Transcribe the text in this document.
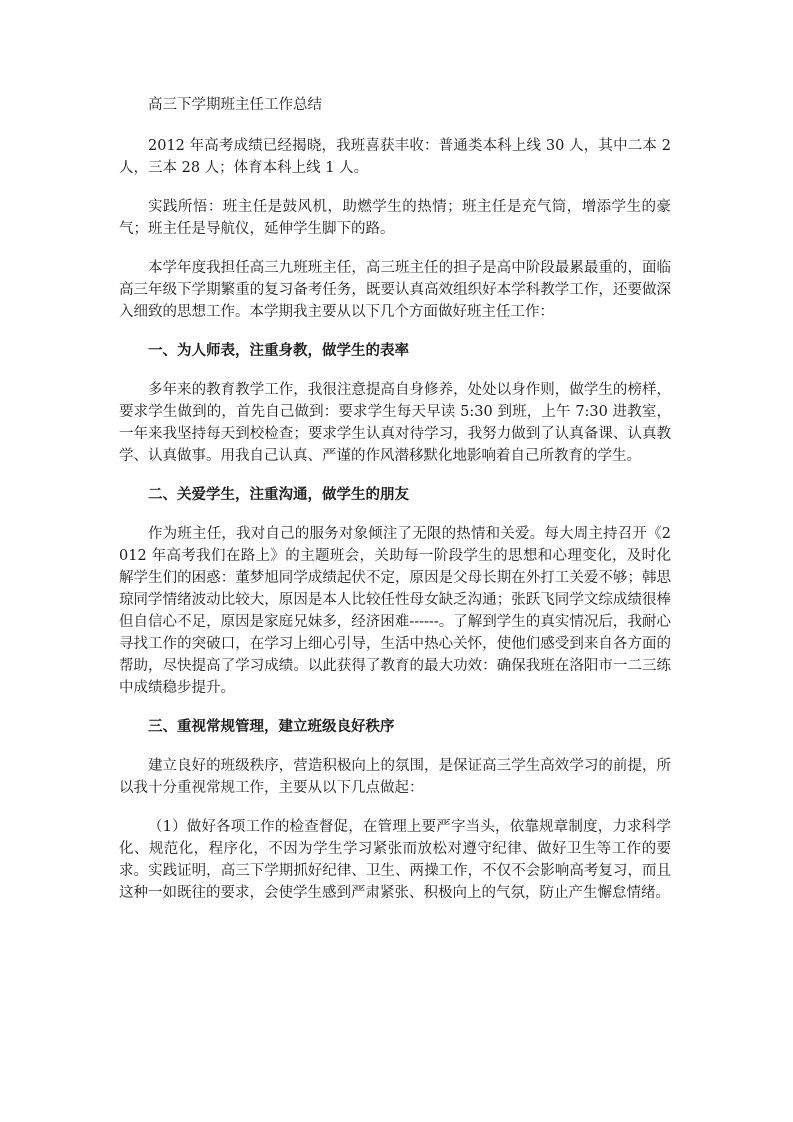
高三下学期班主任工作总结

2012 年高考成绩已经揭晓，我班喜获丰收：普通类本科上线 30 人，其中二本 2 人，三本 28 人；体育本科上线 1 人。

实践所悟：班主任是鼓风机，助燃学生的热情；班主任是充气筒，增添学生的豪气；班主任是导航仪，延伸学生脚下的路。

本学年度我担任高三九班班主任，高三班主任的担子是高中阶段最累最重的，面临高三年级下学期繁重的复习备考任务，既要认真高效组织好本学科教学工作，还要做深入细致的思想工作。本学期我主要从以下几个方面做好班主任工作：

一、为人师表，注重身教，做学生的表率

多年来的教育教学工作，我很注意提高自身修养，处处以身作则，做学生的榜样，要求学生做到的，首先自己做到：要求学生每天早读 5:30 到班，上午 7:30 进教室，一年来我坚持每天到校检查；要求学生认真对待学习，我努力做到了认真备课、认真教学、认真做事。用我自己认真、严谨的作风潜移默化地影响着自己所教育的学生。

二、关爱学生，注重沟通，做学生的朋友

作为班主任，我对自己的服务对象倾注了无限的热情和关爱。每大周主持召开《2012 年高考我们在路上》的主题班会，关助每一阶段学生的思想和心理变化，及时化解学生们的困惑：董梦旭同学成绩起伏不定，原因是父母长期在外打工关爱不够；韩思琼同学情绪波动比较大，原因是本人比较任性母女缺乏沟通；张跃飞同学文综成绩很棒但自信心不足，原因是家庭兄妹多，经济困难------。了解到学生的真实情况后，我耐心寻找工作的突破口，在学习上细心引导，生活中热心关怀，使他们感受到来自各方面的帮助，尽快提高了学习成绩。以此获得了教育的最大功效：确保我班在洛阳市一二三练中成绩稳步提升。

三、重视常规管理，建立班级良好秩序

建立良好的班级秩序，营造积极向上的氛围，是保证高三学生高效学习的前提，所以我十分重视常规工作，主要从以下几点做起：

（1）做好各项工作的检查督促，在管理上要严字当头，依靠规章制度，力求科学化、规范化，程序化，不因为学生学习紧张而放松对遵守纪律、做好卫生等工作的要求。实践证明，高三下学期抓好纪律、卫生、两操工作，不仅不会影响高考复习，而且这种一如既往的要求，会使学生感到严肃紧张、积极向上的气氛，防止产生懈怠情绪。
